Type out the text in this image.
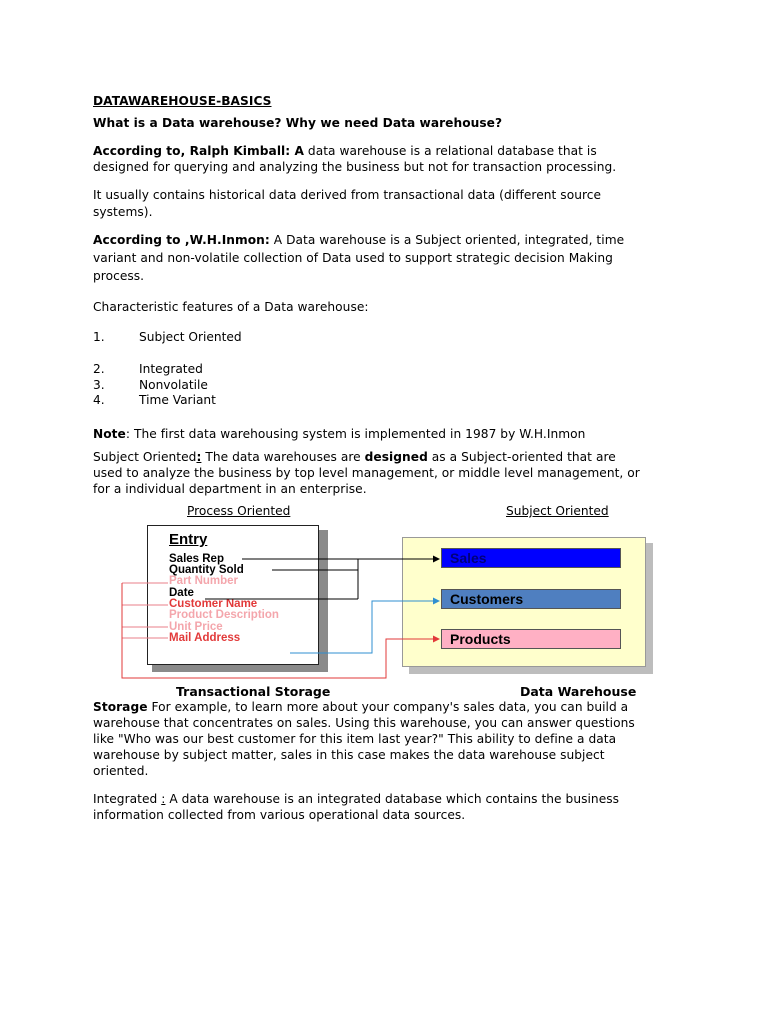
DATAWAREHOUSE-BASICS
What is a Data warehouse? Why we need Data warehouse?
According to, Ralph Kimball: A data warehouse is a relational database that is
designed for querying and analyzing the business but not for transaction processing.
It usually contains historical data derived from transactional data (different source
systems).
According to ,W.H.Inmon: A Data warehouse is a Subject oriented, integrated, time
variant and non-volatile collection of Data used to support strategic decision Making
process.
Characteristic features of a Data warehouse:
1.	Subject Oriented
2.	Integrated
3.	Nonvolatile
4.	Time Variant
Note: The first data warehousing system is implemented in 1987 by W.H.Inmon
Subject Oriented: The data warehouses are designed as a Subject-oriented that are
used to analyze the business by top level management, or middle level management, or
for a individual department in an enterprise.
Process Oriented	Subject Oriented
Entry
Sales Rep
Quantity Sold
Part Number
Date
Customer Name
Product Description
Unit Price
Mail Address
Sales
Customers
Products
Transactional Storage	Data Warehouse
Storage For example, to learn more about your company's sales data, you can build a
warehouse that concentrates on sales. Using this warehouse, you can answer questions
like "Who was our best customer for this item last year?" This ability to define a data
warehouse by subject matter, sales in this case makes the data warehouse subject
oriented.
Integrated : A data warehouse is an integrated database which contains the business
information collected from various operational data sources.
